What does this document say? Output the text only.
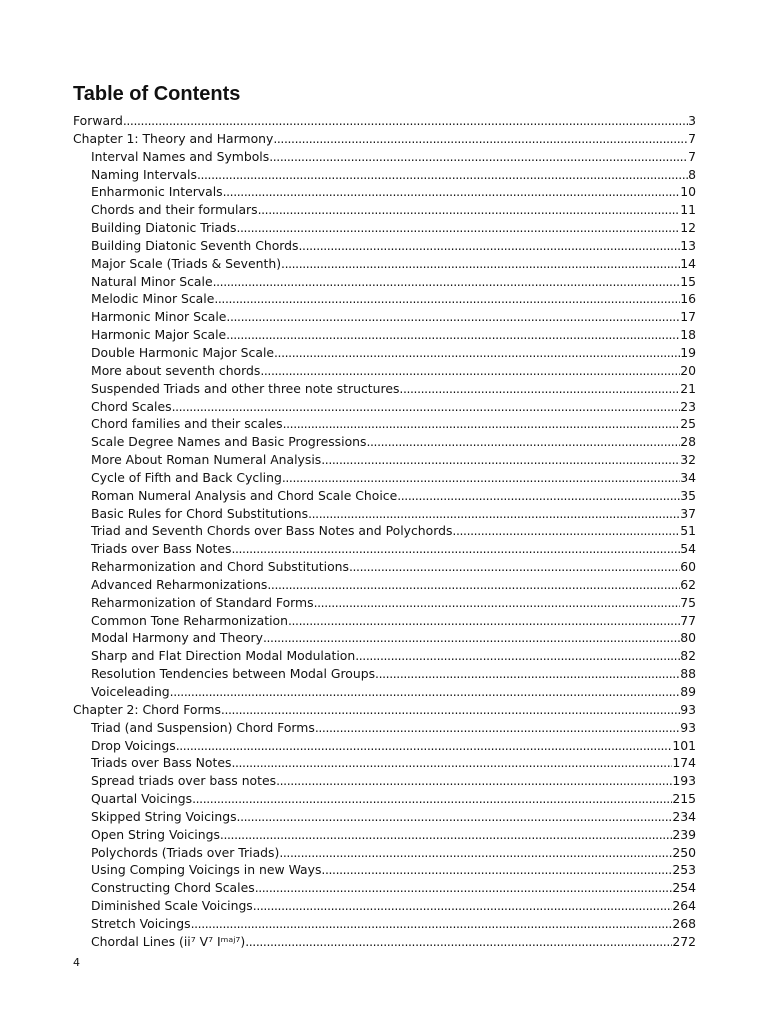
Table of Contents
Forward .....	3
Chapter 1: Theory and Harmony .....	7
Interval Names and Symbols .....	7
Naming Intervals .....	8
Enharmonic Intervals .....	10
Chords and their formulars .....	11
Building Diatonic Triads .....	12
Building Diatonic Seventh Chords .....	13
Major Scale (Triads & Seventh) .....	14
Natural Minor Scale .....	15
Melodic Minor Scale .....	16
Harmonic Minor Scale .....	17
Harmonic Major Scale .....	18
Double Harmonic Major Scale .....	19
More about seventh chords .....	20
Suspended Triads and other three note structures .....	21
Chord Scales .....	23
Chord families and their scales .....	25
Scale Degree Names and Basic Progressions .....	28
More About Roman Numeral Analysis .....	32
Cycle of Fifth and Back Cycling .....	34
Roman Numeral Analysis and Chord Scale Choice .....	35
Basic Rules for Chord Substitutions .....	37
Triad and Seventh Chords over Bass Notes and Polychords .....	51
Triads over Bass Notes .....	54
Reharmonization and Chord Substitutions .....	60
Advanced Reharmonizations .....	62
Reharmonization of Standard Forms .....	75
Common Tone Reharmonization .....	77
Modal Harmony and Theory .....	80
Sharp and Flat Direction Modal Modulation .....	82
Resolution Tendencies between Modal Groups .....	88
Voiceleading .....	89
Chapter 2: Chord Forms .....	93
Triad (and Suspension) Chord Forms .....	93
Drop Voicings .....	101
Triads over Bass Notes .....	174
Spread triads over bass notes .....	193
Quartal Voicings .....	215
Skipped String Voicings .....	234
Open String Voicings .....	239
Polychords (Triads over Triads) .....	250
Using Comping Voicings in new Ways .....	253
Constructing Chord Scales .....	254
Diminished Scale Voicings .....	264
Stretch Voicings .....	268
Chordal Lines (ii⁷ V⁷ Iᵐᵃʲ⁷) .....	272
4
